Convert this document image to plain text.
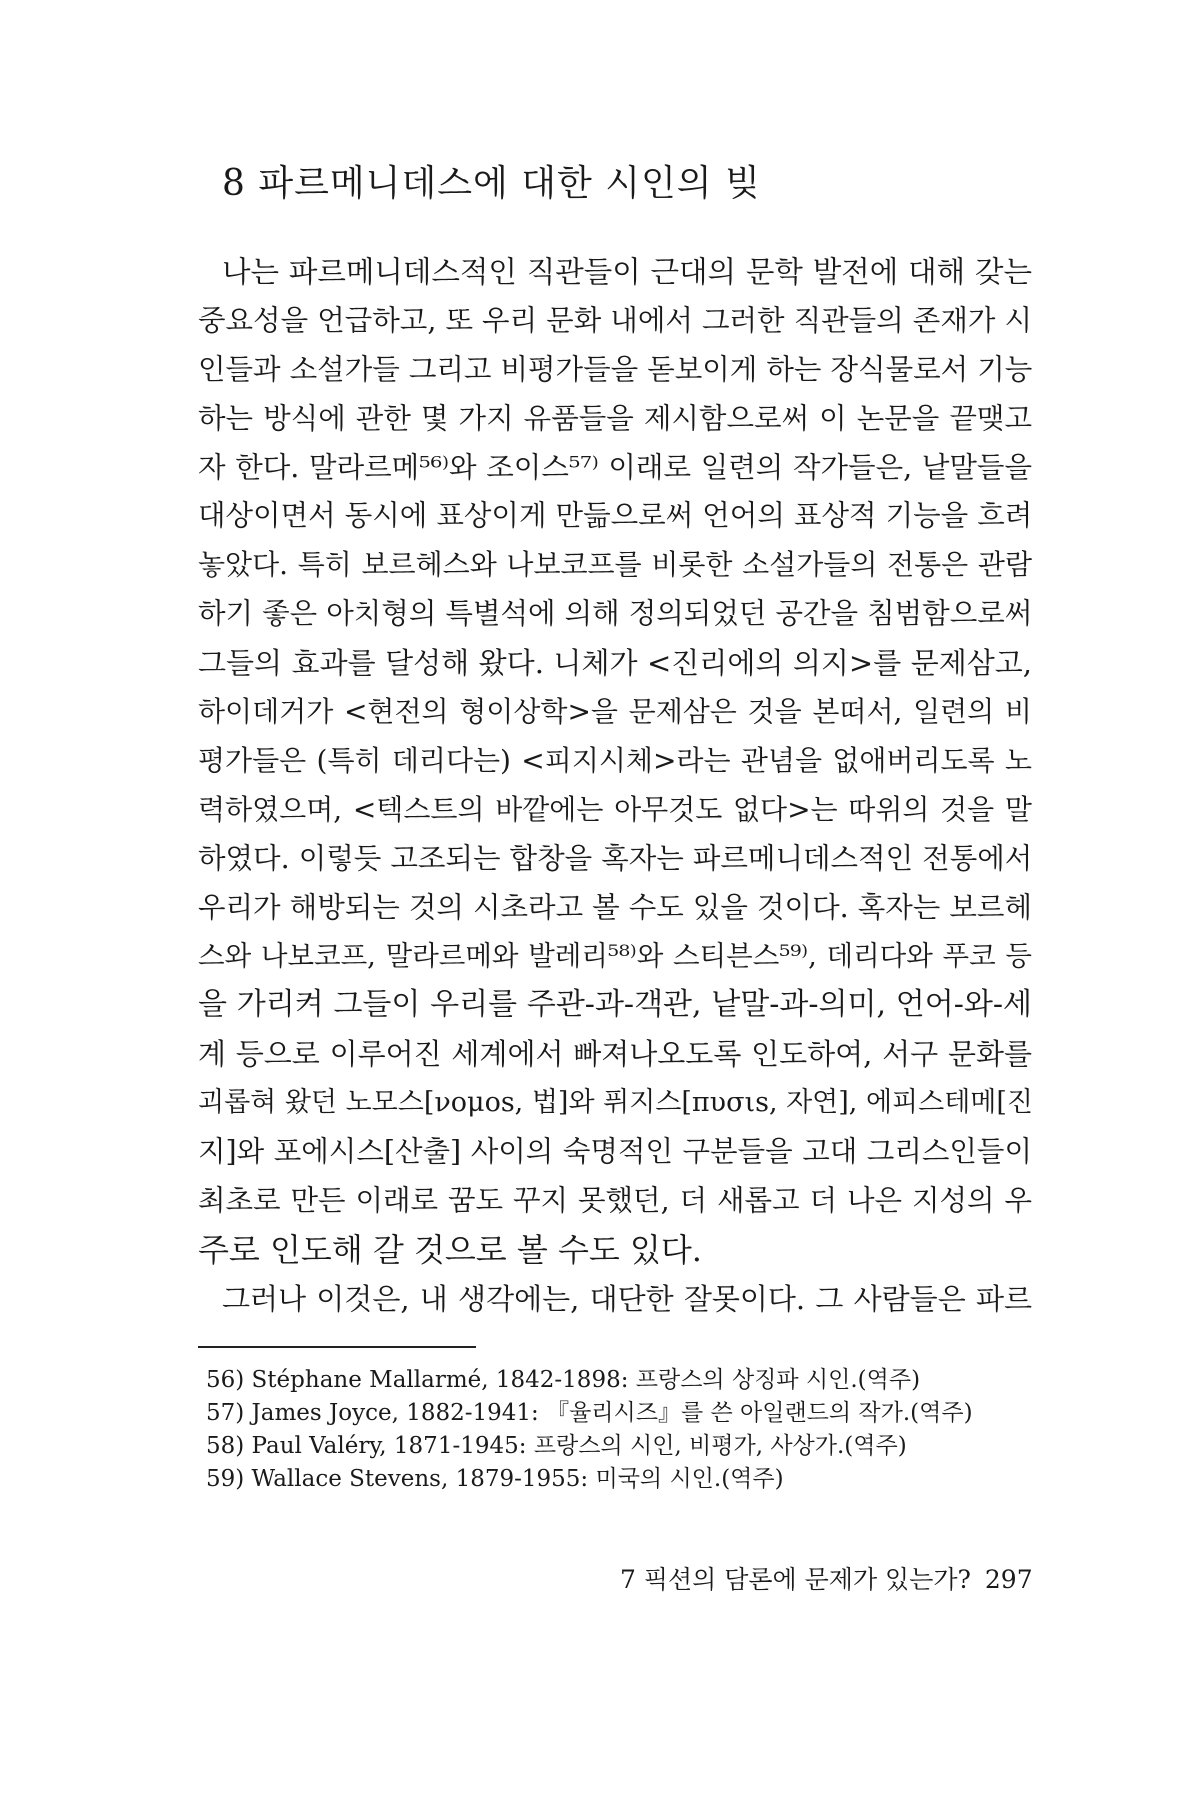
8 파르메니데스에 대한 시인의 빚
나는 파르메니데스적인 직관들이 근대의 문학 발전에 대해 갖는
중요성을 언급하고, 또 우리 문화 내에서 그러한 직관들의 존재가 시
인들과 소설가들 그리고 비평가들을 돋보이게 하는 장식물로서 기능
하는 방식에 관한 몇 가지 유품들을 제시함으로써 이 논문을 끝맺고
자 한다. 말라르메⁵⁶⁾와 조이스⁵⁷⁾ 이래로 일련의 작가들은, 낱말들을
대상이면서 동시에 표상이게 만듦으로써 언어의 표상적 기능을 흐려
놓았다. 특히 보르헤스와 나보코프를 비롯한 소설가들의 전통은 관람
하기 좋은 아치형의 특별석에 의해 정의되었던 공간을 침범함으로써
그들의 효과를 달성해 왔다. 니체가 <진리에의 의지>를 문제삼고,
하이데거가 <현전의 형이상학>을 문제삼은 것을 본떠서, 일련의 비
평가들은 (특히 데리다는) <피지시체>라는 관념을 없애버리도록 노
력하였으며, <텍스트의 바깥에는 아무것도 없다>는 따위의 것을 말
하였다. 이렇듯 고조되는 합창을 혹자는 파르메니데스적인 전통에서
우리가 해방되는 것의 시초라고 볼 수도 있을 것이다. 혹자는 보르헤
스와 나보코프, 말라르메와 발레리⁵⁸⁾와 스티븐스⁵⁹⁾, 데리다와 푸코 등
을 가리켜 그들이 우리를 주관-과-객관, 낱말-과-의미, 언어-와-세
계 등으로 이루어진 세계에서 빠져나오도록 인도하여, 서구 문화를
괴롭혀 왔던 노모스[νομοs, 법]와 퓌지스[πυσιs, 자연], 에피스테메[진
지]와 포에시스[산출] 사이의 숙명적인 구분들을 고대 그리스인들이
최초로 만든 이래로 꿈도 꾸지 못했던, 더 새롭고 더 나은 지성의 우
주로 인도해 갈 것으로 볼 수도 있다.
그러나 이것은, 내 생각에는, 대단한 잘못이다. 그 사람들은 파르
56) Stéphane Mallarmé, 1842-1898: 프랑스의 상징파 시인.(역주)
57) James Joyce, 1882-1941: 『율리시즈』를 쓴 아일랜드의 작가.(역주)
58) Paul Valéry, 1871-1945: 프랑스의 시인, 비평가, 사상가.(역주)
59) Wallace Stevens, 1879-1955: 미국의 시인.(역주)
7 픽션의 담론에 문제가 있는가? 297
